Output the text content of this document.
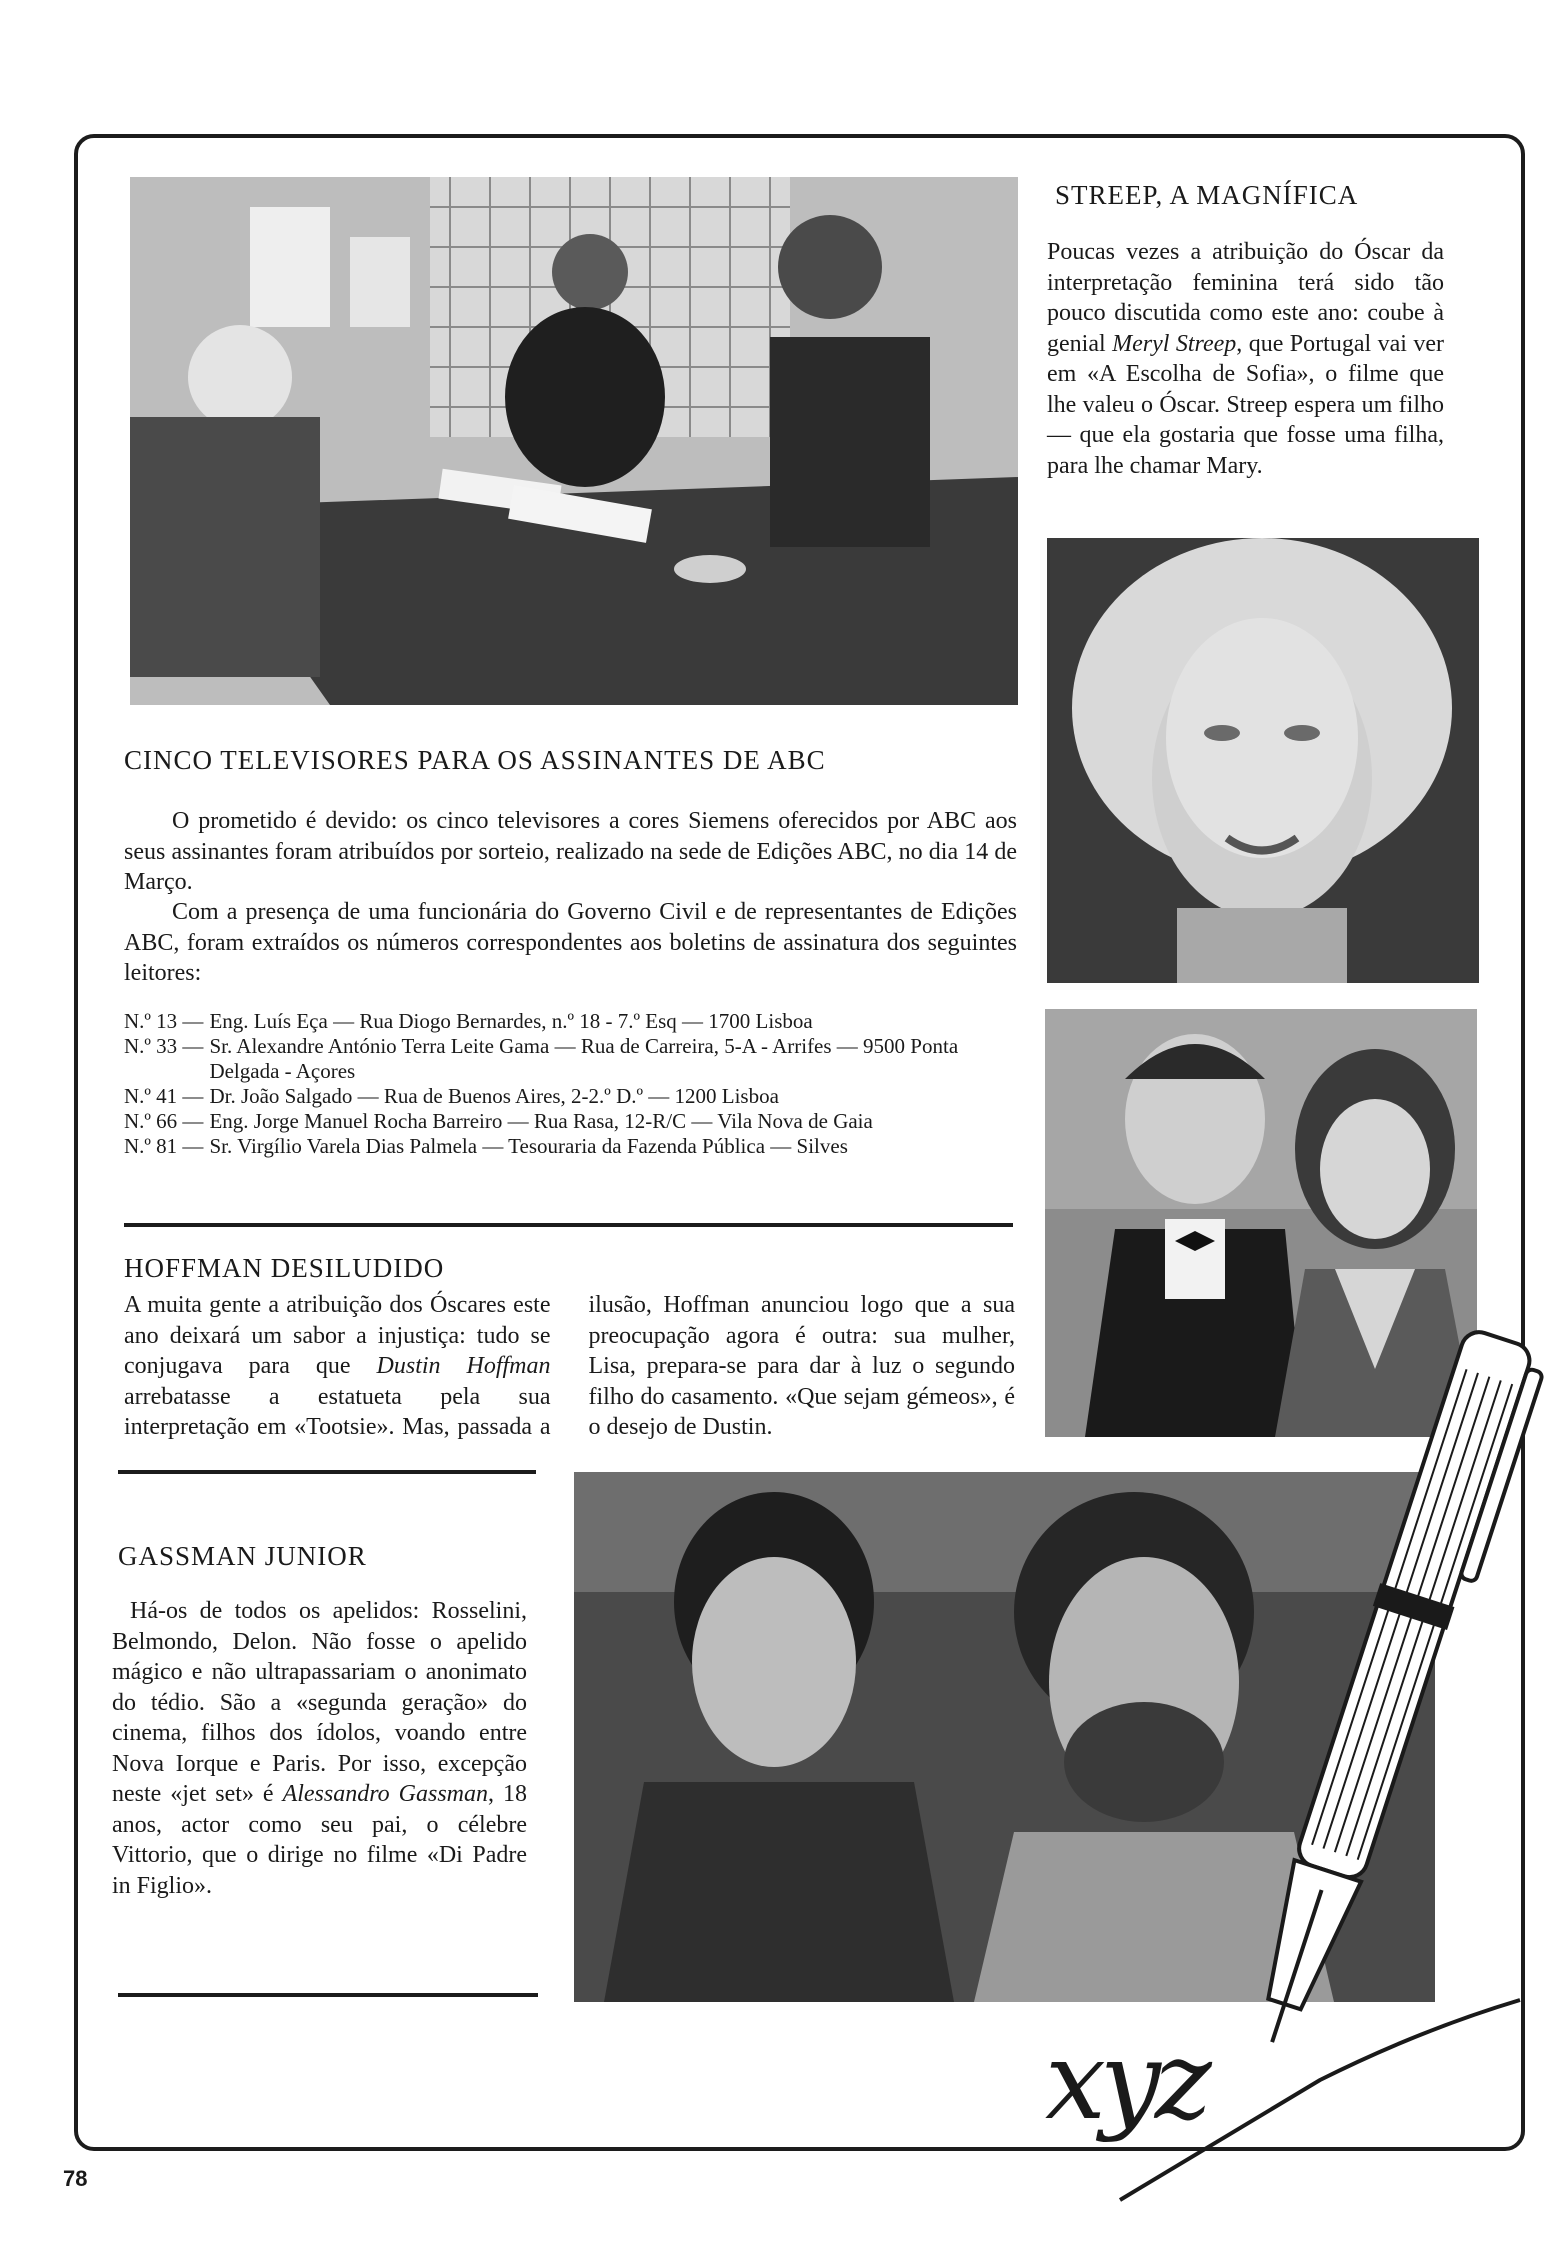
STREEP, A MAGNÍFICA

Poucas vezes a atribuição do Óscar da interpretação feminina terá sido tão pouco discutida como este ano: coube à genial Meryl Streep, que Portugal vai ver em «A Escolha de Sofia», o filme que lhe valeu o Óscar. Streep espera um filho — que ela gostaria que fosse uma filha, para lhe chamar Mary.

CINCO TELEVISORES PARA OS ASSINANTES DE ABC

O prometido é devido: os cinco televisores a cores Siemens oferecidos por ABC aos seus assinantes foram atribuídos por sorteio, realizado na sede de Edições ABC, no dia 14 de Março.

Com a presença de uma funcionária do Governo Civil e de representantes de Edições ABC, foram extraídos os números correspondentes aos boletins de assinatura dos seguintes leitores:

N.º 13 — Eng. Luís Eça — Rua Diogo Bernardes, n.º 18 - 7.º Esq — 1700 Lisboa
N.º 33 — Sr. Alexandre António Terra Leite Gama — Rua de Carreira, 5-A - Arrifes — 9500 Ponta Delgada - Açores
N.º 41 — Dr. João Salgado — Rua de Buenos Aires, 2-2.º D.º — 1200 Lisboa
N.º 66 — Eng. Jorge Manuel Rocha Barreiro — Rua Rasa, 12-R/C — Vila Nova de Gaia
N.º 81 — Sr. Virgílio Varela Dias Palmela — Tesouraria da Fazenda Pública — Silves
HOFFMAN DESILUDIDO

A muita gente a atribuição dos Óscares este ano deixará um sabor a injustiça: tudo se conjugava para que Dustin Hoffman arrebatasse a estatueta pela sua interpretação em «Tootsie». Mas, passada a ilusão, Hoffman anunciou logo que a sua preocupação agora é outra: sua mulher, Lisa, prepara-se para dar à luz o segundo filho do casamento. «Que sejam gémeos», é o desejo de Dustin.

GASSMAN JUNIOR

Há-os de todos os apelidos: Rosselini, Belmondo, Delon. Não fosse o apelido mágico e não ultrapassariam o anonimato do tédio. São a «segunda geração» do cinema, filhos dos ídolos, voando entre Nova Iorque e Paris. Por isso, excepção neste «jet set» é Alessandro Gassman, 18 anos, actor como seu pai, o célebre Vittorio, que o dirige no filme «Di Padre in Figlio».

xyz
78
